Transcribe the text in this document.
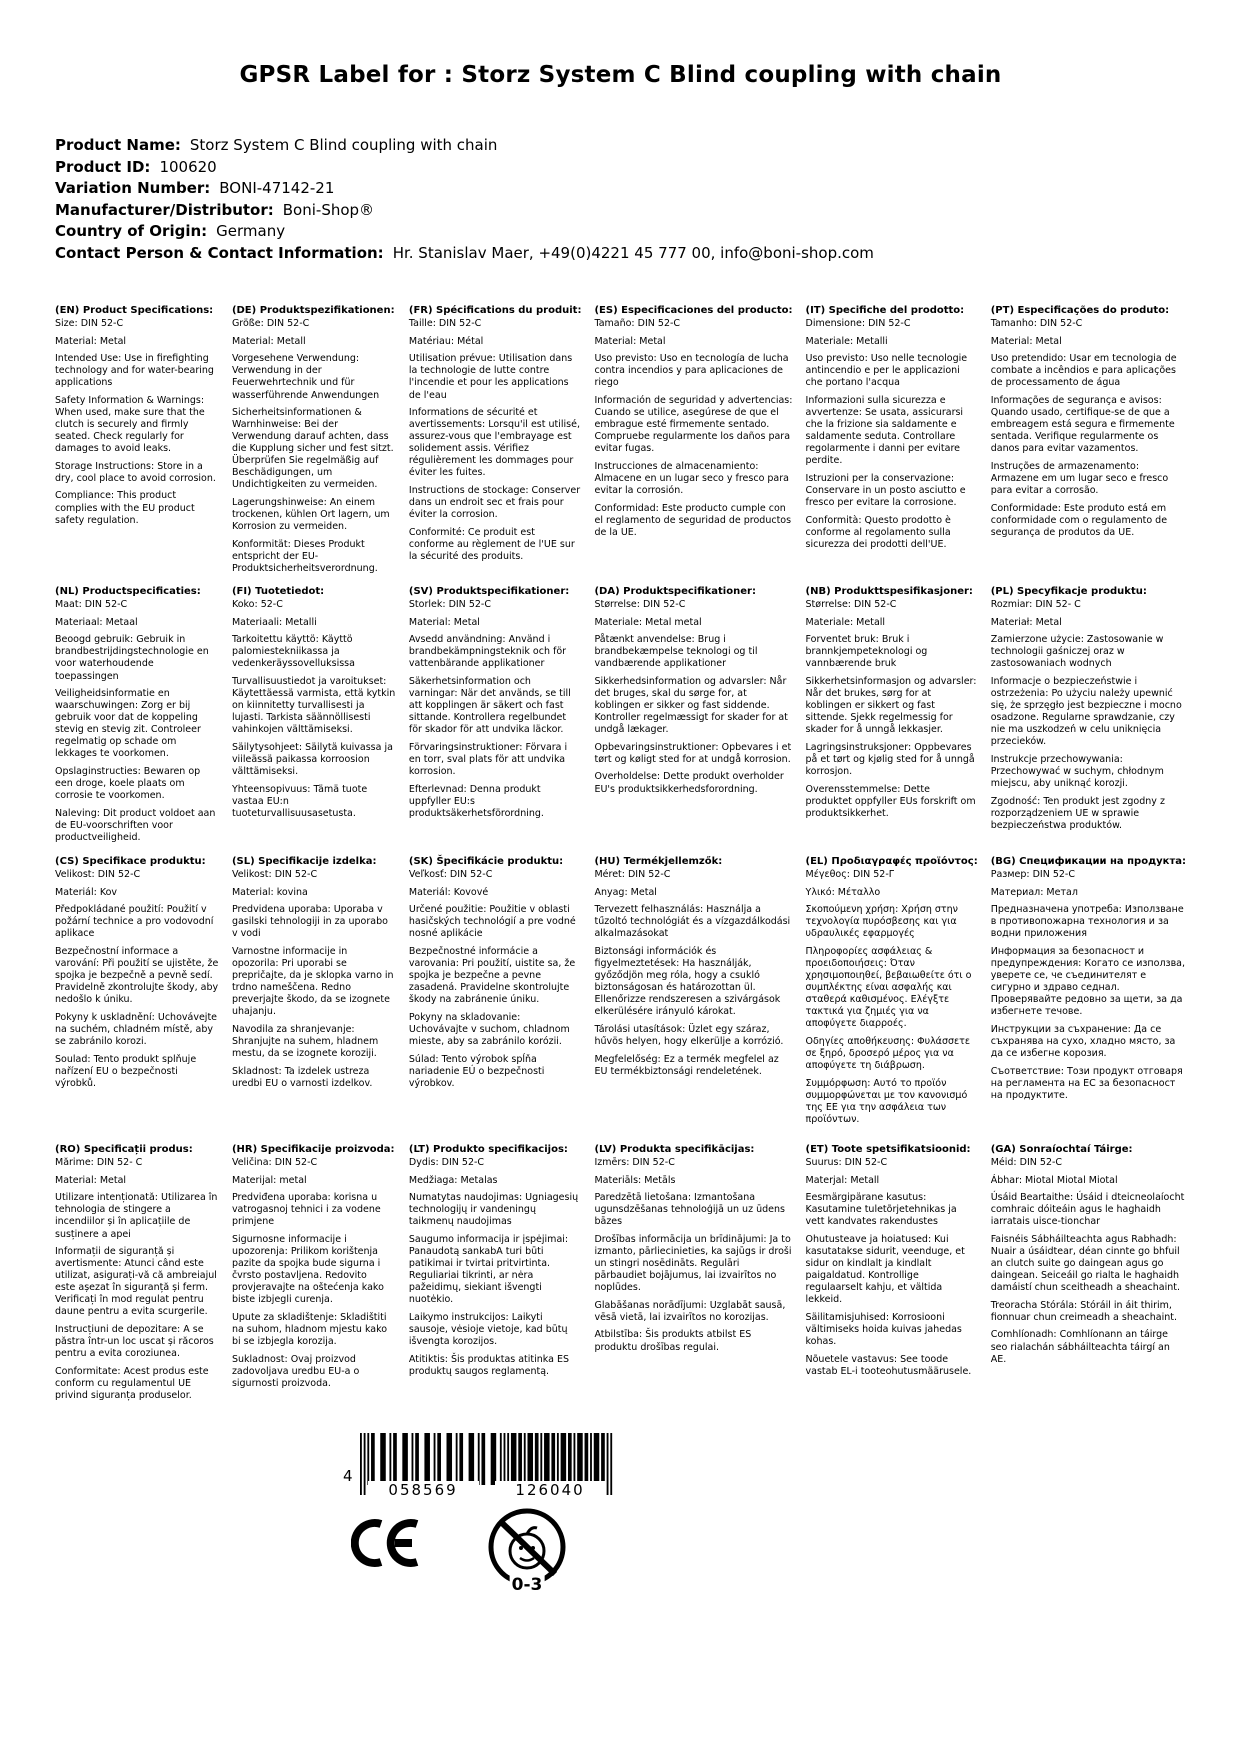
GPSR Label for : Storz System C Blind coupling with chain
Product Name: Storz System C Blind coupling with chain
Product ID: 100620
Variation Number: BONI-47142-21
Manufacturer/Distributor: Boni-Shop®
Country of Origin: Germany
Contact Person & Contact Information: Hr. Stanislav Maer, +49(0)4221 45 777 00, info@boni-shop.com
(EN) Product Specifications:

Size: DIN 52-C

Material: Metal

Intended Use: Use in firefighting technology and for water-bearing applications

Safety Information & Warnings: When used, make sure that the clutch is securely and firmly seated. Check regularly for damages to avoid leaks.

Storage Instructions: Store in a dry, cool place to avoid corrosion.

Compliance: This product complies with the EU product safety regulation.

(DE) Produktspezifikationen:

Größe: DIN 52-C

Material: Metall

Vorgesehene Verwendung: Verwendung in der Feuerwehrtechnik und für wasserführende Anwendungen

Sicherheitsinformationen & Warnhinweise: Bei der Verwendung darauf achten, dass die Kupplung sicher und fest sitzt. Überprüfen Sie regelmäßig auf Beschädigungen, um Undichtigkeiten zu vermeiden.

Lagerungshinweise: An einem trockenen, kühlen Ort lagern, um Korrosion zu vermeiden.

Konformität: Dieses Produkt entspricht der EU-Produktsicherheitsverordnung.

(FR) Spécifications du produit:

Taille: DIN 52-C

Matériau: Métal

Utilisation prévue: Utilisation dans la technologie de lutte contre l'incendie et pour les applications de l'eau

Informations de sécurité et avertissements: Lorsqu'il est utilisé, assurez-vous que l'embrayage est solidement assis. Vérifiez régulièrement les dommages pour éviter les fuites.

Instructions de stockage: Conserver dans un endroit sec et frais pour éviter la corrosion.

Conformité: Ce produit est conforme au règlement de l'UE sur la sécurité des produits.

(ES) Especificaciones del producto:

Tamaño: DIN 52-C

Material: Metal

Uso previsto: Uso en tecnología de lucha contra incendios y para aplicaciones de riego

Información de seguridad y advertencias: Cuando se utilice, asegúrese de que el embrague esté firmemente sentado. Compruebe regularmente los daños para evitar fugas.

Instrucciones de almacenamiento: Almacene en un lugar seco y fresco para evitar la corrosión.

Conformidad: Este producto cumple con el reglamento de seguridad de productos de la UE.

(IT) Specifiche del prodotto:

Dimensione: DIN 52-C

Materiale: Metalli

Uso previsto: Uso nelle tecnologie antincendio e per le applicazioni che portano l'acqua

Informazioni sulla sicurezza e avvertenze: Se usata, assicurarsi che la frizione sia saldamente e saldamente seduta. Controllare regolarmente i danni per evitare perdite.

Istruzioni per la conservazione: Conservare in un posto asciutto e fresco per evitare la corrosione.

Conformità: Questo prodotto è conforme al regolamento sulla sicurezza dei prodotti dell'UE.

(PT) Especificações do produto:

Tamanho: DIN 52-C

Material: Metal

Uso pretendido: Usar em tecnologia de combate a incêndios e para aplicações de processamento de água

Informações de segurança e avisos: Quando usado, certifique-se de que a embreagem está segura e firmemente sentada. Verifique regularmente os danos para evitar vazamentos.

Instruções de armazenamento: Armazene em um lugar seco e fresco para evitar a corrosão.

Conformidade: Este produto está em conformidade com o regulamento de segurança de produtos da UE.

(NL) Productspecificaties:

Maat: DIN 52-C

Materiaal: Metaal

Beoogd gebruik: Gebruik in brandbestrijdingstechnologie en voor waterhoudende toepassingen

Veiligheidsinformatie en waarschuwingen: Zorg er bij gebruik voor dat de koppeling stevig en stevig zit. Controleer regelmatig op schade om lekkages te voorkomen.

Opslaginstructies: Bewaren op een droge, koele plaats om corrosie te voorkomen.

Naleving: Dit product voldoet aan de EU-voorschriften voor productveiligheid.

(FI) Tuotetiedot:

Koko: 52-C

Materiaali: Metalli

Tarkoitettu käyttö: Käyttö palomiestekniikassa ja vedenkeräyssovelluksissa

Turvallisuustiedot ja varoitukset: Käytettäessä varmista, että kytkin on kiinnitetty turvallisesti ja lujasti. Tarkista säännöllisesti vahinkojen välttämiseksi.

Säilytysohjeet: Säilytä kuivassa ja viileässä paikassa korroosion välttämiseksi.

Yhteensopivuus: Tämä tuote vastaa EU:n tuoteturvallisuusasetusta.

(SV) Produktspecifikationer:

Storlek: DIN 52-C

Material: Metal

Avsedd användning: Använd i brandbekämpningsteknik och för vattenbärande applikationer

Säkerhetsinformation och varningar: När det används, se till att kopplingen är säkert och fast sittande. Kontrollera regelbundet för skador för att undvika läckor.

Förvaringsinstruktioner: Förvara i en torr, sval plats för att undvika korrosion.

Efterlevnad: Denna produkt uppfyller EU:s produktsäkerhetsförordning.

(DA) Produktspecifikationer:

Størrelse: DIN 52-C

Materiale: Metal metal

Påtænkt anvendelse: Brug i brandbekæmpelse teknologi og til vandbærende applikationer

Sikkerhedsinformation og advarsler: Når det bruges, skal du sørge for, at koblingen er sikker og fast siddende. Kontroller regelmæssigt for skader for at undgå lækager.

Opbevaringsinstruktioner: Opbevares i et tørt og køligt sted for at undgå korrosion.

Overholdelse: Dette produkt overholder EU's produktsikkerhedsforordning.

(NB) Produkttspesifikasjoner:

Størrelse: DIN 52-C

Materiale: Metall

Forventet bruk: Bruk i brannkjempeteknologi og vannbærende bruk

Sikkerhetsinformasjon og advarsler: Når det brukes, sørg for at koblingen er sikkert og fast sittende. Sjekk regelmessig for skader for å unngå lekkasjer.

Lagringsinstruksjoner: Oppbevares på et tørt og kjølig sted for å unngå korrosjon.

Overensstemmelse: Dette produktet oppfyller EUs forskrift om produktsikkerhet.

(PL) Specyfikacje produktu:

Rozmiar: DIN 52- C

Materiał: Metal

Zamierzone użycie: Zastosowanie w technologii gaśniczej oraz w zastosowaniach wodnych

Informacje o bezpieczeństwie i ostrzeżenia: Po użyciu należy upewnić się, że sprzęgło jest bezpieczne i mocno osadzone. Regularne sprawdzanie, czy nie ma uszkodzeń w celu uniknięcia przecieków.

Instrukcje przechowywania: Przechowywać w suchym, chłodnym miejscu, aby uniknąć korozji.

Zgodność: Ten produkt jest zgodny z rozporządzeniem UE w sprawie bezpieczeństwa produktów.

(CS) Specifikace produktu:

Velikost: DIN 52-C

Materiál: Kov

Předpokládané použití: Použití v požární technice a pro vodovodní aplikace

Bezpečnostní informace a varování: Při použití se ujistěte, že spojka je bezpečně a pevně sedí. Pravidelně zkontrolujte škody, aby nedošlo k úniku.

Pokyny k uskladnění: Uchovávejte na suchém, chladném místě, aby se zabránilo korozi.

Soulad: Tento produkt splňuje nařízení EU o bezpečnosti výrobků.

(SL) Specifikacije izdelka:

Velikost: DIN 52-C

Material: kovina

Predvidena uporaba: Uporaba v gasilski tehnologiji in za uporabo v vodi

Varnostne informacije in opozorila: Pri uporabi se prepričajte, da je sklopka varno in trdno nameščena. Redno preverjajte škodo, da se izognete uhajanju.

Navodila za shranjevanje: Shranjujte na suhem, hladnem mestu, da se izognete koroziji.

Skladnost: Ta izdelek ustreza uredbi EU o varnosti izdelkov.

(SK) Špecifikácie produktu:

Veľkosť: DIN 52-C

Materiál: Kovové

Určené použitie: Použitie v oblasti hasičských technológií a pre vodné nosné aplikácie

Bezpečnostné informácie a varovania: Pri použití, uistite sa, že spojka je bezpečne a pevne zasadená. Pravidelne skontrolujte škody na zabránenie úniku.

Pokyny na skladovanie: Uchovávajte v suchom, chladnom mieste, aby sa zabránilo korózii.

Súlad: Tento výrobok spĺňa nariadenie EÚ o bezpečnosti výrobkov.

(HU) Termékjellemzők:

Méret: DIN 52-C

Anyag: Metal

Tervezett felhasználás: Használja a tűzoltó technológiát és a vízgazdálkodási alkalmazásokat

Biztonsági információk és figyelmeztetések: Ha használják, győződjön meg róla, hogy a csukló biztonságosan és határozottan ül. Ellenőrizze rendszeresen a szivárgások elkerülésére irányuló károkat.

Tárolási utasítások: Üzlet egy száraz, hűvös helyen, hogy elkerülje a korrózió.

Megfelelőség: Ez a termék megfelel az EU termékbiztonsági rendeletének.

(EL) Προδιαγραφές προϊόντος:

Μέγεθος: DIN 52-Γ

Υλικό: Μέταλλο

Σκοπούμενη χρήση: Χρήση στην τεχνολογία πυρόσβεσης και για υδραυλικές εφαρμογές

Πληροφορίες ασφάλειας & προειδοποιήσεις: Όταν χρησιμοποιηθεί, βεβαιωθείτε ότι ο συμπλέκτης είναι ασφαλής και σταθερά καθισμένος. Ελέγξτε τακτικά για ζημιές για να αποφύγετε διαρροές.

Οδηγίες αποθήκευσης: Φυλάσσετε σε ξηρό, δροσερό μέρος για να αποφύγετε τη διάβρωση.

Συμμόρφωση: Αυτό το προϊόν συμμορφώνεται με τον κανονισμό της ΕΕ για την ασφάλεια των προϊόντων.

(BG) Спецификации на продукта:

Размер: DIN 52-C

Материал: Метал

Предназначена употреба: Използване в противопожарна технология и за водни приложения

Информация за безопасност и предупреждения: Когато се използва, уверете се, че съединителят е сигурно и здраво седнал. Проверявайте редовно за щети, за да избегнете течове.

Инструкции за съхранение: Да се съхранява на сухо, хладно място, за да се избегне корозия.

Съответствие: Този продукт отговаря на регламента на ЕС за безопасност на продуктите.

(RO) Specificații produs:

Mărime: DIN 52- C

Material: Metal

Utilizare intenționată: Utilizarea în tehnologia de stingere a incendiilor și în aplicațiile de susținere a apei

Informații de siguranță și avertismente: Atunci când este utilizat, asigurați-vă că ambreiajul este așezat în siguranță și ferm. Verificați în mod regulat pentru daune pentru a evita scurgerile.

Instrucțiuni de depozitare: A se păstra într-un loc uscat și răcoros pentru a evita coroziunea.

Conformitate: Acest produs este conform cu regulamentul UE privind siguranța produselor.

(HR) Specifikacije proizvoda:

Veličina: DIN 52-C

Materijal: metal

Predviđena uporaba: korisna u vatrogasnoj tehnici i za vodene primjene

Sigurnosne informacije i upozorenja: Prilikom korištenja pazite da spojka bude sigurna i čvrsto postavljena. Redovito provjeravajte na oštećenja kako biste izbjegli curenja.

Upute za skladištenje: Skladištiti na suhom, hladnom mjestu kako bi se izbjegla korozija.

Sukladnost: Ovaj proizvod zadovoljava uredbu EU-a o sigurnosti proizvoda.

(LT) Produkto specifikacijos:

Dydis: DIN 52-C

Medžiaga: Metalas

Numatytas naudojimas: Ugniagesių technologijų ir vandeningų taikmenų naudojimas

Saugumo informacija ir įspėjimai: Panaudotą sankabA turi būti patikimai ir tvirtai pritvirtinta. Reguliariai tikrinti, ar nėra pažeidimų, siekiant išvengti nuotėkio.

Laikymo instrukcijos: Laikyti sausoje, vėsioje vietoje, kad būtų išvengta korozijos.

Atitiktis: Šis produktas atitinka ES produktų saugos reglamentą.

(LV) Produkta specifikācijas:

Izmērs: DIN 52-C

Materiāls: Metāls

Paredzētā lietošana: Izmantošana ugunsdzēšanas tehnoloģijā un uz ūdens bāzes

Drošības informācija un brīdinājumi: Ja to izmanto, pārliecinieties, ka sajūgs ir droši un stingri nosēdināts. Regulāri pārbaudiet bojājumus, lai izvairītos no noplūdes.

Glabāšanas norādījumi: Uzglabāt sausā, vēsā vietā, lai izvairītos no korozijas.

Atbilstība: Šis produkts atbilst ES produktu drošības regulai.

(ET) Toote spetsifikatsioonid:

Suurus: DIN 52-C

Materjal: Metall

Eesmärgipärane kasutus: Kasutamine tuletõrjetehnikas ja vett kandvates rakendustes

Ohutusteave ja hoiatused: Kui kasutatakse sidurit, veenduge, et sidur on kindlalt ja kindlalt paigaldatud. Kontrollige regulaarselt kahju, et vältida lekkeid.

Säilitamisjuhised: Korrosiooni vältimiseks hoida kuivas jahedas kohas.

Nõuetele vastavus: See toode vastab EL-i tooteohutusmäärusele.

(GA) Sonraíochtaí Táirge:

Méid: DIN 52-C

Ábhar: Miotal Miotal Miotal

Úsáid Beartaithe: Úsáid i dteicneolaíocht comhraic dóiteáin agus le haghaidh iarratais uisce-tionchar

Faisnéis Sábháilteachta agus Rabhadh: Nuair a úsáidtear, déan cinnte go bhfuil an clutch suite go daingean agus go daingean. Seiceáil go rialta le haghaidh damáistí chun sceitheadh a sheachaint.

Treoracha Stórála: Stóráil in áit thirim, fionnuar chun creimeadh a sheachaint.

Comhlíonadh: Comhlíonann an táirge seo rialachán sábháilteachta táirgí an AE.

4
058569	126040
0-3
